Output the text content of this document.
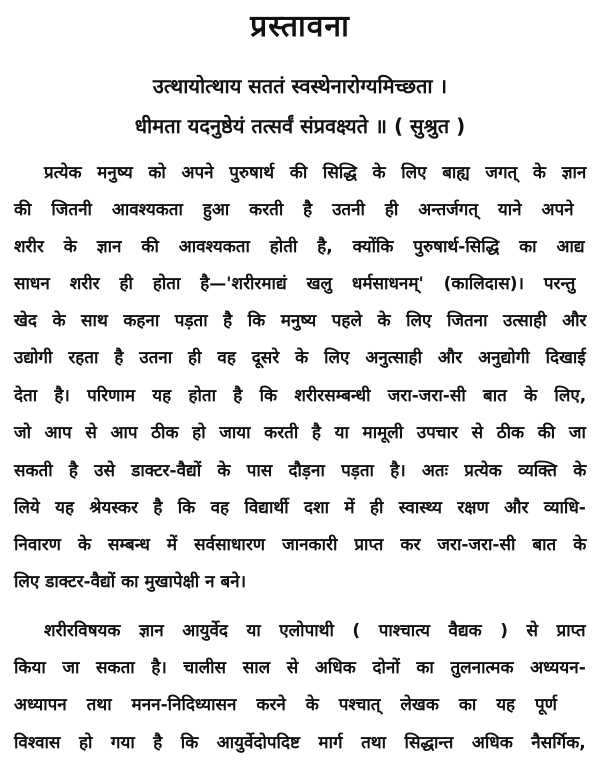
प्रस्तावना
उत्थायोत्थाय सततं स्वस्थेनारोग्यमिच्छता ।
धीमता यदनुष्ठेयं तत्सर्वं संप्रवक्ष्यते ॥ ( सुश्रुत )
प्रत्येक मनुष्य को अपने पुरुषार्थ की सिद्धि के लिए बाह्य जगत् के ज्ञान
की जितनी आवश्यकता हुआ करती है उतनी ही अन्तर्जगत् याने अपने
शरीर के ज्ञान की आवश्यकता होती है, क्योंकि पुरुषार्थ-सिद्धि का आद्य
साधन शरीर ही होता है—'शरीरमाद्यं खलु धर्मसाधनम्' (कालिदास)। परन्तु
खेद के साथ कहना पड़ता है कि मनुष्य पहले के लिए जितना उत्साही और
उद्योगी रहता है उतना ही वह दूसरे के लिए अनुत्साही और अनुद्योगी दिखाई
देता है। परिणाम यह होता है कि शरीरसम्बन्धी जरा-जरा-सी बात के लिए,
जो आप से आप ठीक हो जाया करती है या मामूली उपचार से ठीक की जा
सकती है उसे डाक्टर-वैद्यों के पास दौड़ना पड़ता है। अतः प्रत्येक व्यक्ति के
लिये यह श्रेयस्कर है कि वह विद्यार्थी दशा में ही स्वास्थ्य रक्षण और व्याधि-
निवारण के सम्बन्ध में सर्वसाधारण जानकारी प्राप्त कर जरा-जरा-सी बात के
लिए डाक्टर-वैद्यों का मुखापेक्षी न बने।
शरीरविषयक ज्ञान आयुर्वेद या एलोपाथी ( पाश्चात्य वैद्यक ) से प्राप्त
किया जा सकता है। चालीस साल से अधिक दोनों का तुलनात्मक अध्ययन-
अध्यापन तथा मनन-निदिध्यासन करने के पश्चात् लेखक का यह पूर्ण
विश्वास हो गया है कि आयुर्वेदोपदिष्ट मार्ग तथा सिद्धान्त अधिक नैसर्गिक,
